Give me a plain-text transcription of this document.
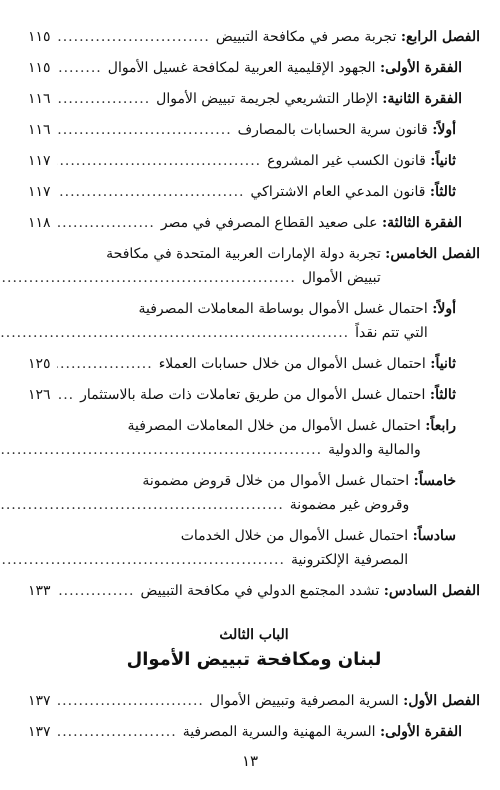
الفصل الرابع:

تجربة مصر في مكافحة التبييض
.....
١١٥
الفقرة الأولى:

الجهود الإقليمية العربية لمكافحة غسيل الأموال
.....
١١٥
الفقرة الثانية:

الإطار التشريعي لجريمة تبييض الأموال
.....
١١٦
أولاً:

قانون سرية الحسابات بالمصارف
.....
١١٦
ثانياً:

قانون الكسب غير المشروع
.....
١١٧
ثالثاً:

قانون المدعي العام الاشتراكي
.....
١١٧
الفقرة الثالثة:

على صعيد القطاع المصرفي في مصر
.....
١١٨
الفصل الخامس:

تجربة دولة الإمارات العربية المتحدة في مكافحة
تبييض الأموال
.....
أولاً:

احتمال غسل الأموال بوساطة المعاملات المصرفية
التي تتم نقداً
.....
ثانياً:

احتمال غسل الأموال من خلال حسابات العملاء
.....
١٢٥
ثالثاً:

احتمال غسل الأموال من طريق تعاملات ذات صلة بالاستثمار
.....
١٢٦
رابعاً:

احتمال غسل الأموال من خلال المعاملات المصرفية
والمالية والدولية
.....
خامساً:

احتمال غسل الأموال من خلال قروض مضمونة
وقروض غير مضمونة
.....
سادساً:

احتمال غسل الأموال من خلال الخدمات
المصرفية الإلكترونية
.....
الفصل السادس:

تشدد المجتمع الدولي في مكافحة التبييض
.....
١٣٣
الباب الثالث
لبنان ومكافحة تبييض الأموال
الفصل الأول:

السرية المصرفية وتبييض الأموال
.....
١٣٧
الفقرة الأولى:

السرية المهنية والسرية المصرفية
.....
١٣٧
١٣
